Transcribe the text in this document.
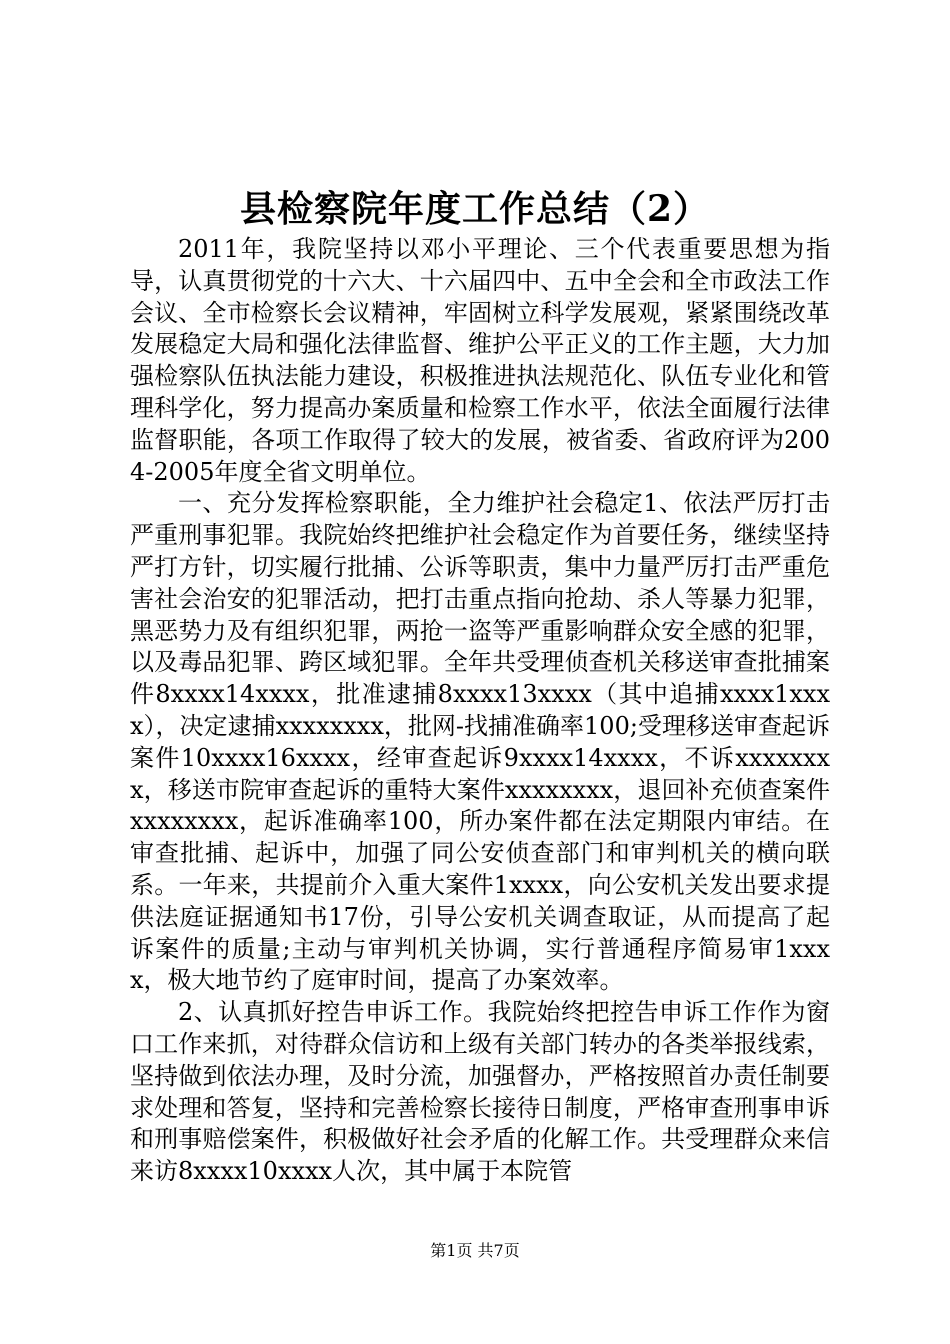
县检察院年度工作总结（2）

2011年，我院坚持以邓小平理论、三个代表重要思想为指导，认真贯彻党的十六大、十六届四中、五中全会和全市政法工作会议、全市检察长会议精神，牢固树立科学发展观，紧紧围绕改革发展稳定大局和强化法律监督、维护公平正义的工作主题，大力加强检察队伍执法能力建设，积极推进执法规范化、队伍专业化和管理科学化，努力提高办案质量和检察工作水平，依法全面履行法律监督职能，各项工作取得了较大的发展，被省委、省政府评为2004-2005年度全省文明单位。

一、充分发挥检察职能，全力维护社会稳定1、依法严厉打击严重刑事犯罪。我院始终把维护社会稳定作为首要任务，继续坚持严打方针，切实履行批捕、公诉等职责，集中力量严厉打击严重危害社会治安的犯罪活动，把打击重点指向抢劫、杀人等暴力犯罪，黑恶势力及有组织犯罪，两抢一盗等严重影响群众安全感的犯罪，以及毒品犯罪、跨区域犯罪。全年共受理侦查机关移送审查批捕案件8xxxx14xxxx，批准逮捕8xxxx13xxxx（其中追捕xxxx1xxxx），决定逮捕xxxxxxxx，批网-找捕准确率100;受理移送审查起诉案件10xxxx16xxxx，经审查起诉9xxxx14xxxx，不诉xxxxxxxx，移送市院审查起诉的重特大案件xxxxxxxx，退回补充侦查案件xxxxxxxx，起诉准确率100，所办案件都在法定期限内审结。在审查批捕、起诉中，加强了同公安侦查部门和审判机关的横向联系。一年来，共提前介入重大案件1xxxx，向公安机关发出要求提供法庭证据通知书17份，引导公安机关调查取证，从而提高了起诉案件的质量;主动与审判机关协调，实行普通程序简易审1xxxx，极大地节约了庭审时间，提高了办案效率。

2、认真抓好控告申诉工作。我院始终把控告申诉工作作为窗口工作来抓，对待群众信访和上级有关部门转办的各类举报线索，坚持做到依法办理，及时分流，加强督办，严格按照首办责任制要求处理和答复，坚持和完善检察长接待日制度，严格审查刑事申诉和刑事赔偿案件，积极做好社会矛盾的化解工作。共受理群众来信来访8xxxx10xxxx人次，其中属于本院管

第1页 共7页
